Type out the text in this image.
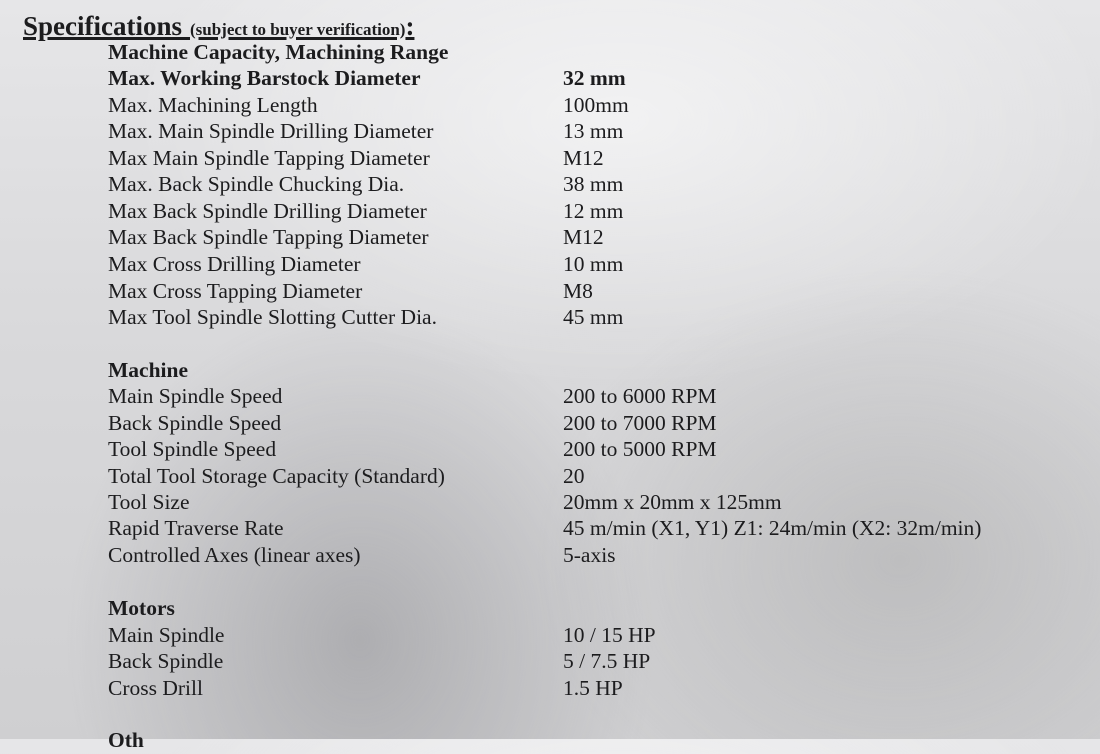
Specifications (subject to buyer verification):
Machine Capacity, Machining Range
Max. Working Barstock Diameter	32 mm
Max. Machining Length	100mm
Max. Main Spindle Drilling Diameter	13 mm
Max Main Spindle Tapping Diameter	M12
Max. Back Spindle Chucking Dia.	38 mm
Max Back Spindle Drilling Diameter	12 mm
Max Back Spindle Tapping Diameter	M12
Max Cross Drilling Diameter	10 mm
Max Cross Tapping Diameter	M8
Max Tool Spindle Slotting Cutter Dia.	45 mm
Machine
Main Spindle Speed	200 to 6000 RPM
Back Spindle Speed	200 to 7000 RPM
Tool Spindle Speed	200 to 5000 RPM
Total Tool Storage Capacity (Standard)	20
Tool Size	20mm x 20mm x 125mm
Rapid Traverse Rate	45 m/min (X1, Y1) Z1: 24m/min (X2: 32m/min)
Controlled Axes (linear axes)	5-axis
Motors
Main Spindle	10 / 15 HP
Back Spindle	5 / 7.5 HP
Cross Drill	1.5 HP
Oth
